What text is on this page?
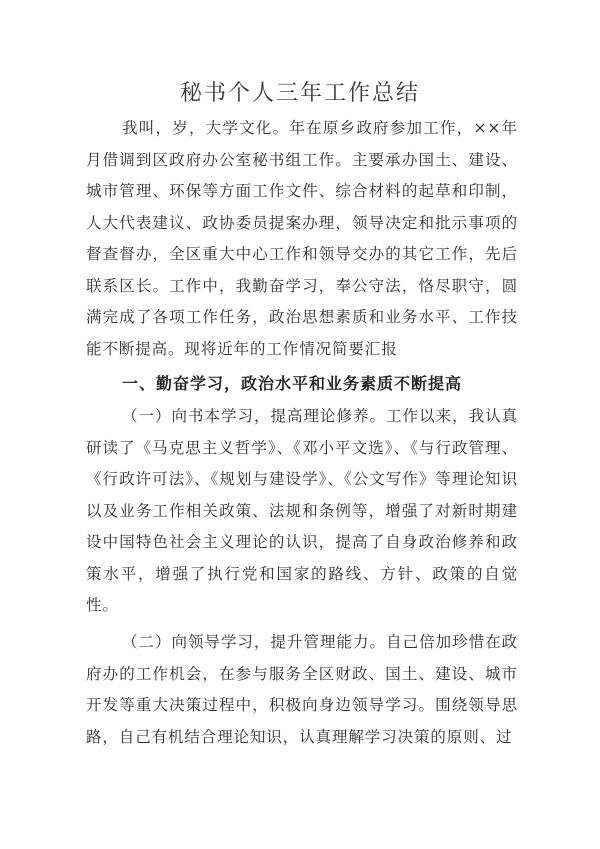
秘书个人三年工作总结

我叫，岁，大学文化。年在原乡政府参加工作，××年月借调到区政府办公室秘书组工作。主要承办国土、建设、城市管理、环保等方面工作文件、综合材料的起草和印制，人大代表建议、政协委员提案办理，领导决定和批示事项的督查督办，全区重大中心工作和领导交办的其它工作，先后联系区长。工作中，我勤奋学习，奉公守法，恪尽职守，圆满完成了各项工作任务，政治思想素质和业务水平、工作技能不断提高。现将近年的工作情况简要汇报

一、勤奋学习，政治水平和业务素质不断提高

（一）向书本学习，提高理论修养。工作以来，我认真研读了《马克思主义哲学》、《邓小平文选》、《与行政管理、《行政许可法》、《规划与建设学》、《公文写作》等理论知识以及业务工作相关政策、法规和条例等，增强了对新时期建设中国特色社会主义理论的认识，提高了自身政治修养和政策水平，增强了执行党和国家的路线、方针、政策的自觉性。

（二）向领导学习，提升管理能力。自己倍加珍惜在政府办的工作机会，在参与服务全区财政、国土、建设、城市开发等重大决策过程中，积极向身边领导学习。围绕领导思路，自己有机结合理论知识，认真理解学习决策的原则、过
